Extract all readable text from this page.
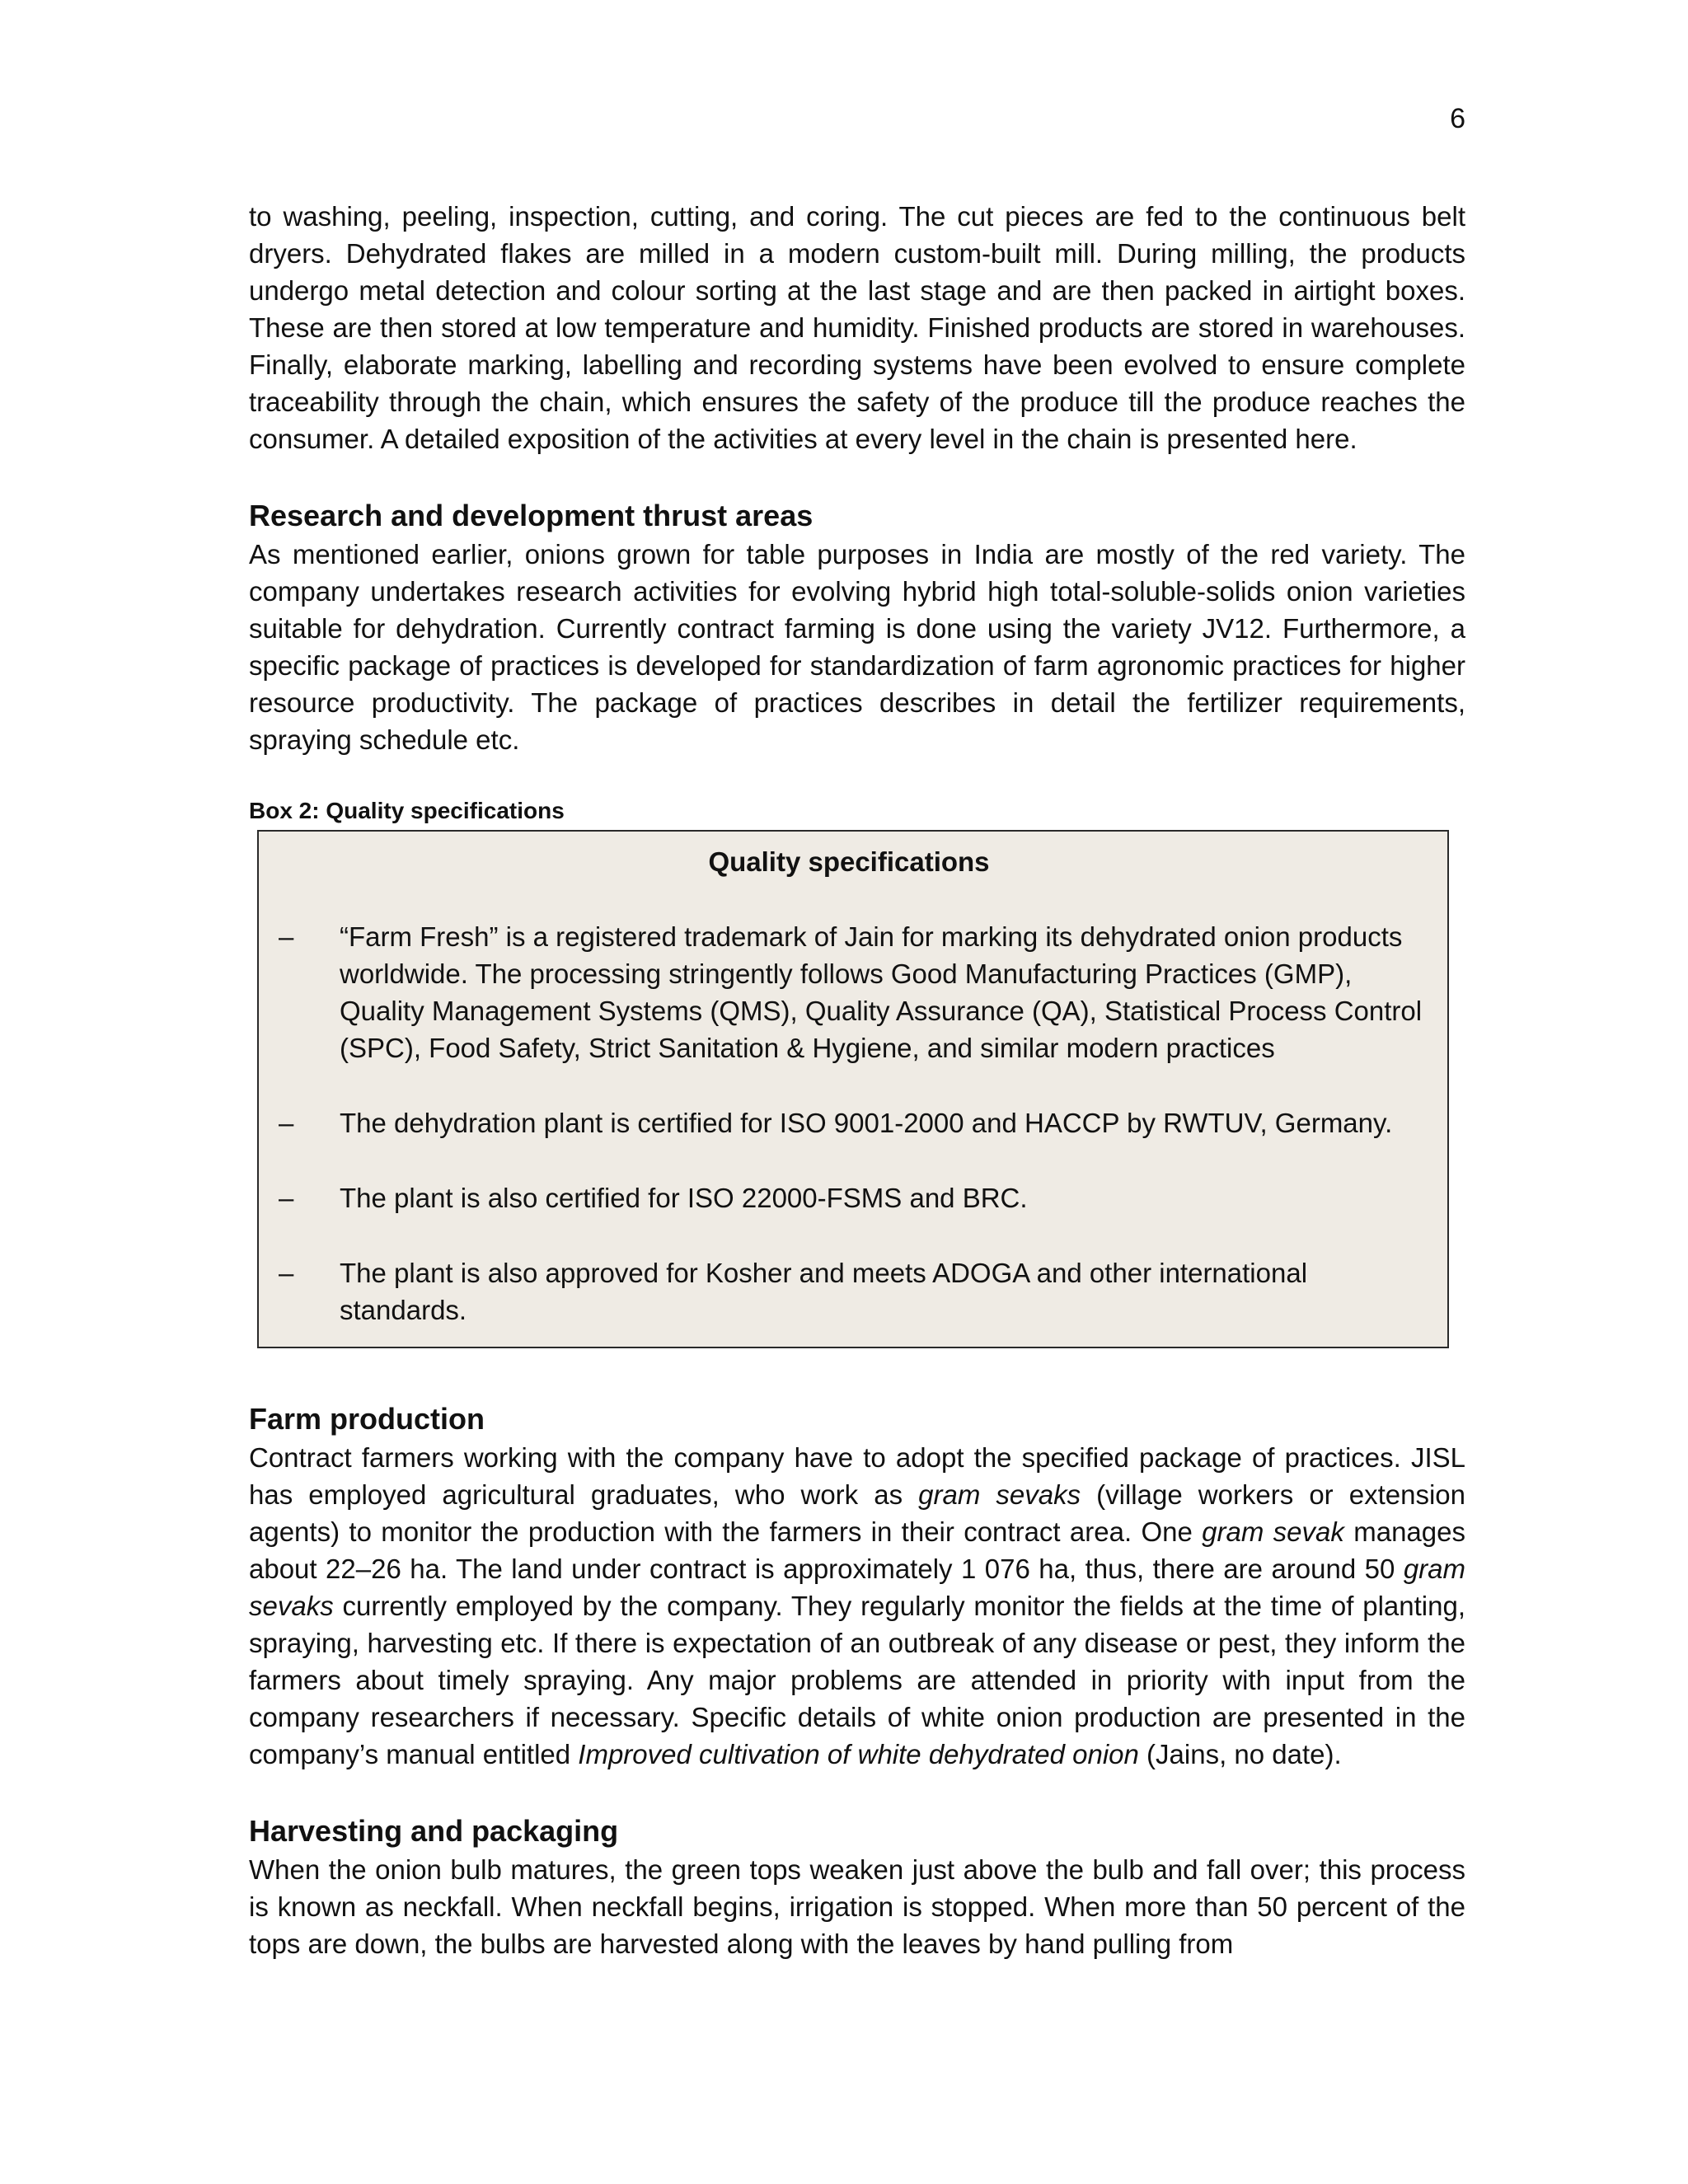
6

to washing, peeling, inspection, cutting, and coring. The cut pieces are fed to the continuous belt dryers. Dehydrated flakes are milled in a modern custom-built mill. During milling, the products undergo metal detection and colour sorting at the last stage and are then packed in airtight boxes. These are then stored at low temperature and humidity. Finished products are stored in warehouses. Finally, elaborate marking, labelling and recording systems have been evolved to ensure complete traceability through the chain, which ensures the safety of the produce till the produce reaches the consumer. A detailed exposition of the activities at every level in the chain is presented here.

Research and development thrust areas

As mentioned earlier, onions grown for table purposes in India are mostly of the red variety. The company undertakes research activities for evolving hybrid high total-soluble-solids onion varieties suitable for dehydration. Currently contract farming is done using the variety JV12. Furthermore, a specific package of practices is developed for standardization of farm agronomic practices for higher resource productivity. The package of practices describes in detail the fertilizer requirements, spraying schedule etc.

Box 2: Quality specifications
Quality specifications
–	“Farm Fresh” is a registered trademark of Jain for marking its dehydrated onion products worldwide. The processing stringently follows Good Manufacturing Practices (GMP), Quality Management Systems (QMS), Quality Assurance (QA), Statistical Process Control (SPC), Food Safety, Strict Sanitation & Hygiene, and similar modern practices
–	The dehydration plant is certified for ISO 9001-2000 and HACCP by RWTUV, Germany.
–	The plant is also certified for ISO 22000-FSMS and BRC.
–	The plant is also approved for Kosher and meets ADOGA and other international standards.
Farm production

Contract farmers working with the company have to adopt the specified package of practices. JISL has employed agricultural graduates, who work as gram sevaks (village workers or extension agents) to monitor the production with the farmers in their contract area. One gram sevak manages about 22–26 ha. The land under contract is approximately 1 076 ha, thus, there are around 50 gram sevaks currently employed by the company. They regularly monitor the fields at the time of planting, spraying, harvesting etc. If there is expectation of an outbreak of any disease or pest, they inform the farmers about timely spraying. Any major problems are attended in priority with input from the company researchers if necessary. Specific details of white onion production are presented in the company’s manual entitled Improved cultivation of white dehydrated onion (Jains, no date).

Harvesting and packaging

When the onion bulb matures, the green tops weaken just above the bulb and fall over; this process is known as neckfall. When neckfall begins, irrigation is stopped. When more than 50 percent of the tops are down, the bulbs are harvested along with the leaves by hand pulling from
